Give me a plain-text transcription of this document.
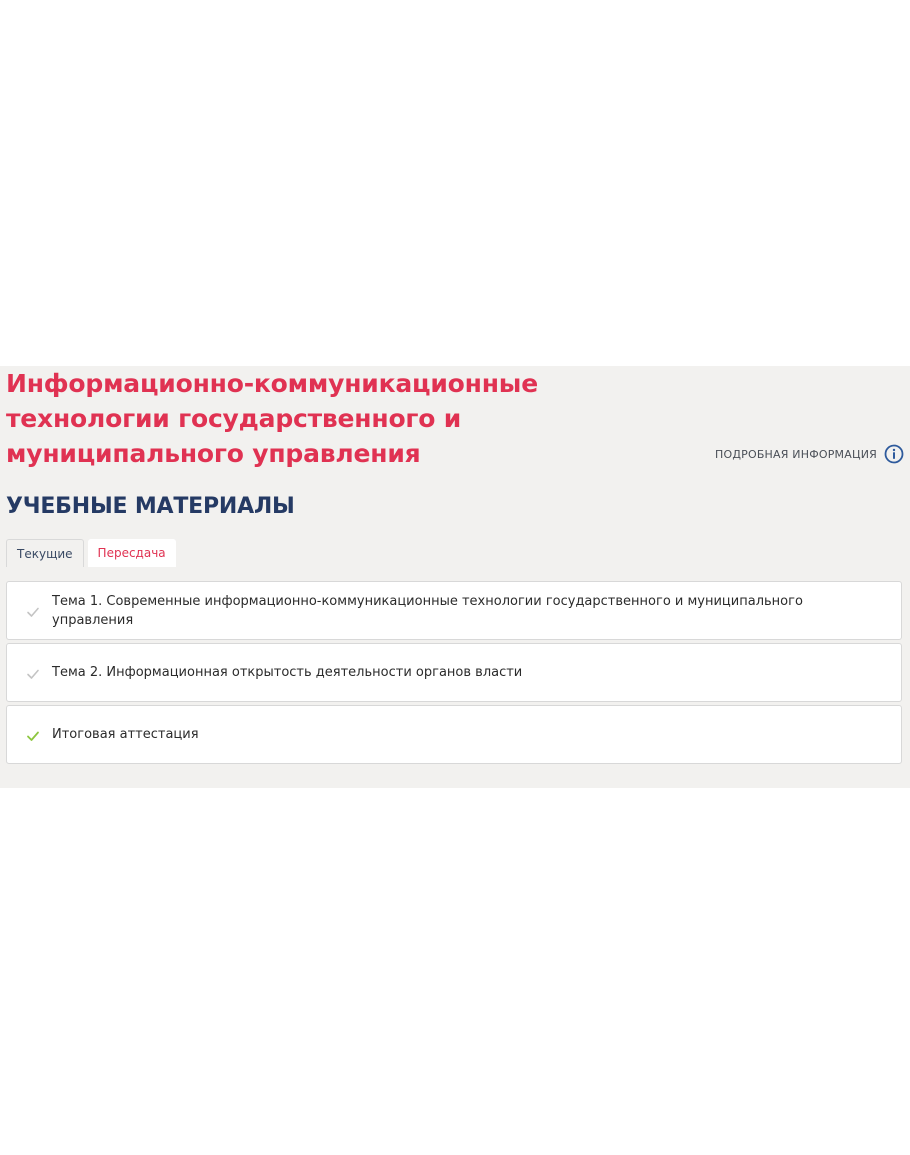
Информационно-коммуникационные технологии государственного и муниципального управления	ПОДРОБНАЯ ИНФОРМАЦИЯ
УЧЕБНЫЕ МАТЕРИАЛЫ
Текущие	Пересдача
Тема 1. Современные информационно-коммуникационные технологии государственного и муниципального управления
Тема 2. Информационная открытость деятельности органов власти
Итоговая аттестация
